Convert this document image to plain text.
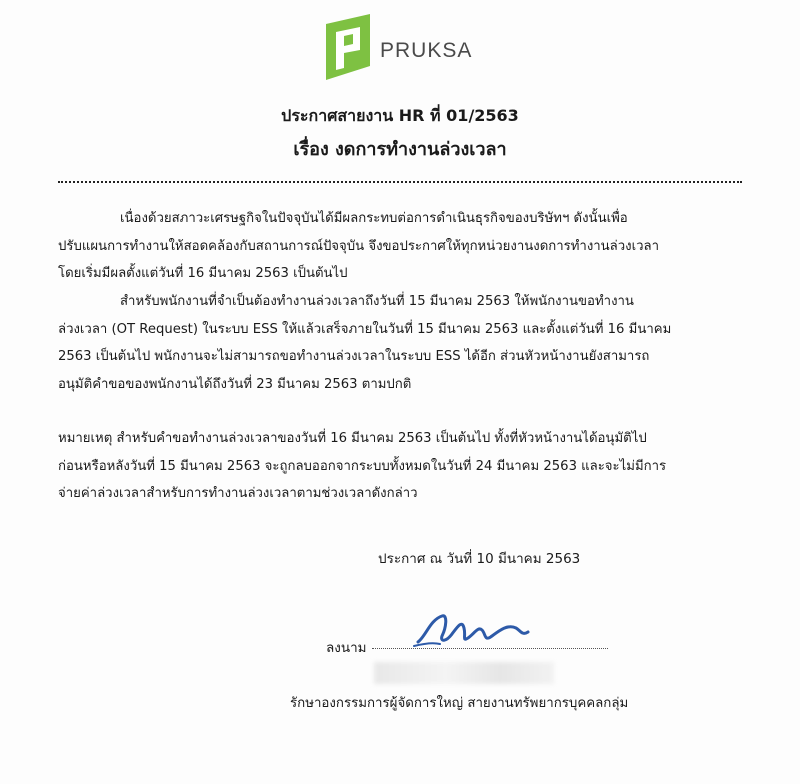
PRUKSA
ประกาศสายงาน HR ที่ 01/2563
เรื่อง งดการทำงานล่วงเวลา

เนื่องด้วยสภาวะเศรษฐกิจในปัจจุบันได้มีผลกระทบต่อการดำเนินธุรกิจของบริษัทฯ ดังนั้นเพื่อ

ปรับแผนการทำงานให้สอดคล้องกับสถานการณ์ปัจจุบัน จึงขอประกาศให้ทุกหน่วยงานงดการทำงานล่วงเวลา

โดยเริ่มมีผลตั้งแต่วันที่ 16 มีนาคม 2563 เป็นต้นไป

สำหรับพนักงานที่จำเป็นต้องทำงานล่วงเวลาถึงวันที่ 15 มีนาคม 2563 ให้พนักงานขอทำงาน

ล่วงเวลา (OT Request) ในระบบ ESS ให้แล้วเสร็จภายในวันที่ 15 มีนาคม 2563 และตั้งแต่วันที่ 16 มีนาคม

2563 เป็นต้นไป พนักงานจะไม่สามารถขอทำงานล่วงเวลาในระบบ ESS ได้อีก ส่วนหัวหน้างานยังสามารถ

อนุมัติคำขอของพนักงานได้ถึงวันที่ 23 มีนาคม 2563 ตามปกติ

หมายเหตุ สำหรับคำขอทำงานล่วงเวลาของวันที่ 16 มีนาคม 2563 เป็นต้นไป ทั้งที่หัวหน้างานได้อนุมัติไป

ก่อนหรือหลังวันที่ 15 มีนาคม 2563 จะถูกลบออกจากระบบทั้งหมดในวันที่ 24 มีนาคม 2563 และจะไม่มีการ

จ่ายค่าล่วงเวลาสำหรับการทำงานล่วงเวลาตามช่วงเวลาดังกล่าว

ประกาศ ณ วันที่ 10 มีนาคม 2563
ลงนาม
รักษาองกรรมการผู้จัดการใหญ่ สายงานทรัพยากรบุคคลกลุ่ม
